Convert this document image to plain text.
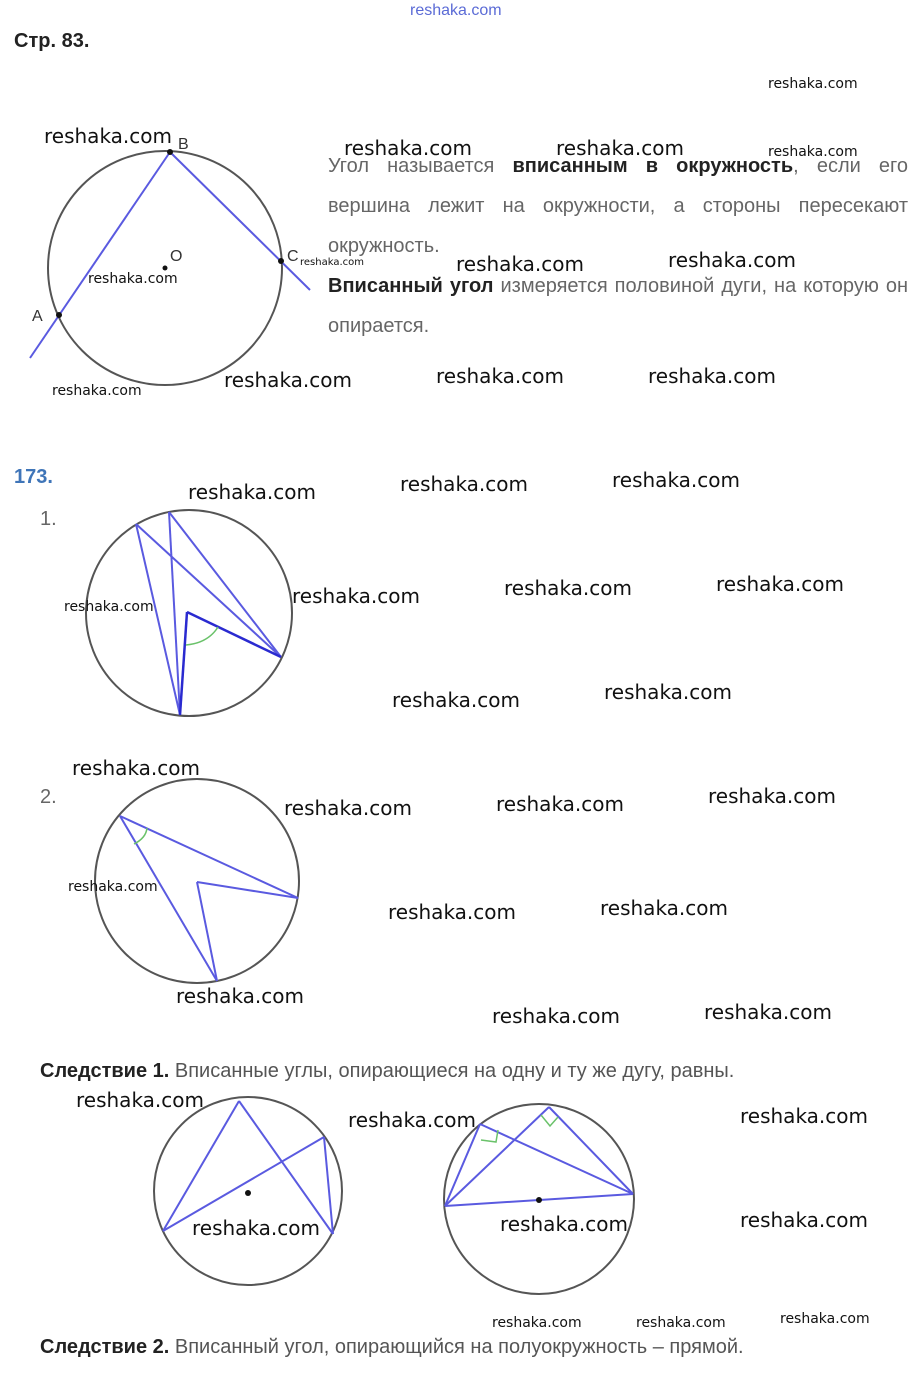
reshaka.com
Стр. 83.
B
O	C
A
Угол называется вписанным в окружность, если его вершина лежит на окружности, а стороны пересекают окружность.
Вписанный угол измеряется половиной дуги, на которую он опирается.
173.
1.
2.
Следствие 1. Вписанные углы, опирающиеся на одну и ту же дугу, равны.
Следствие 2. Вписанный угол, опирающийся на полуокружность – прямой.
reshaka.com
reshaka.com	reshaka.com	reshaka.com	reshaka.com
reshaka.com	reshaka.com	reshaka.com
reshaka.com
reshaka.com	reshaka.com	reshaka.com
reshaka.com
reshaka.com	reshaka.com	reshaka.com
reshaka.com	reshaka.com	reshaka.com
reshaka.com
reshaka.com	reshaka.com
reshaka.com
reshaka.com	reshaka.com	reshaka.com
reshaka.com
reshaka.com	reshaka.com
reshaka.com
reshaka.com	reshaka.com
reshaka.com
reshaka.com	reshaka.com
reshaka.com	reshaka.com	reshaka.com
reshaka.com	reshaka.com	reshaka.com
